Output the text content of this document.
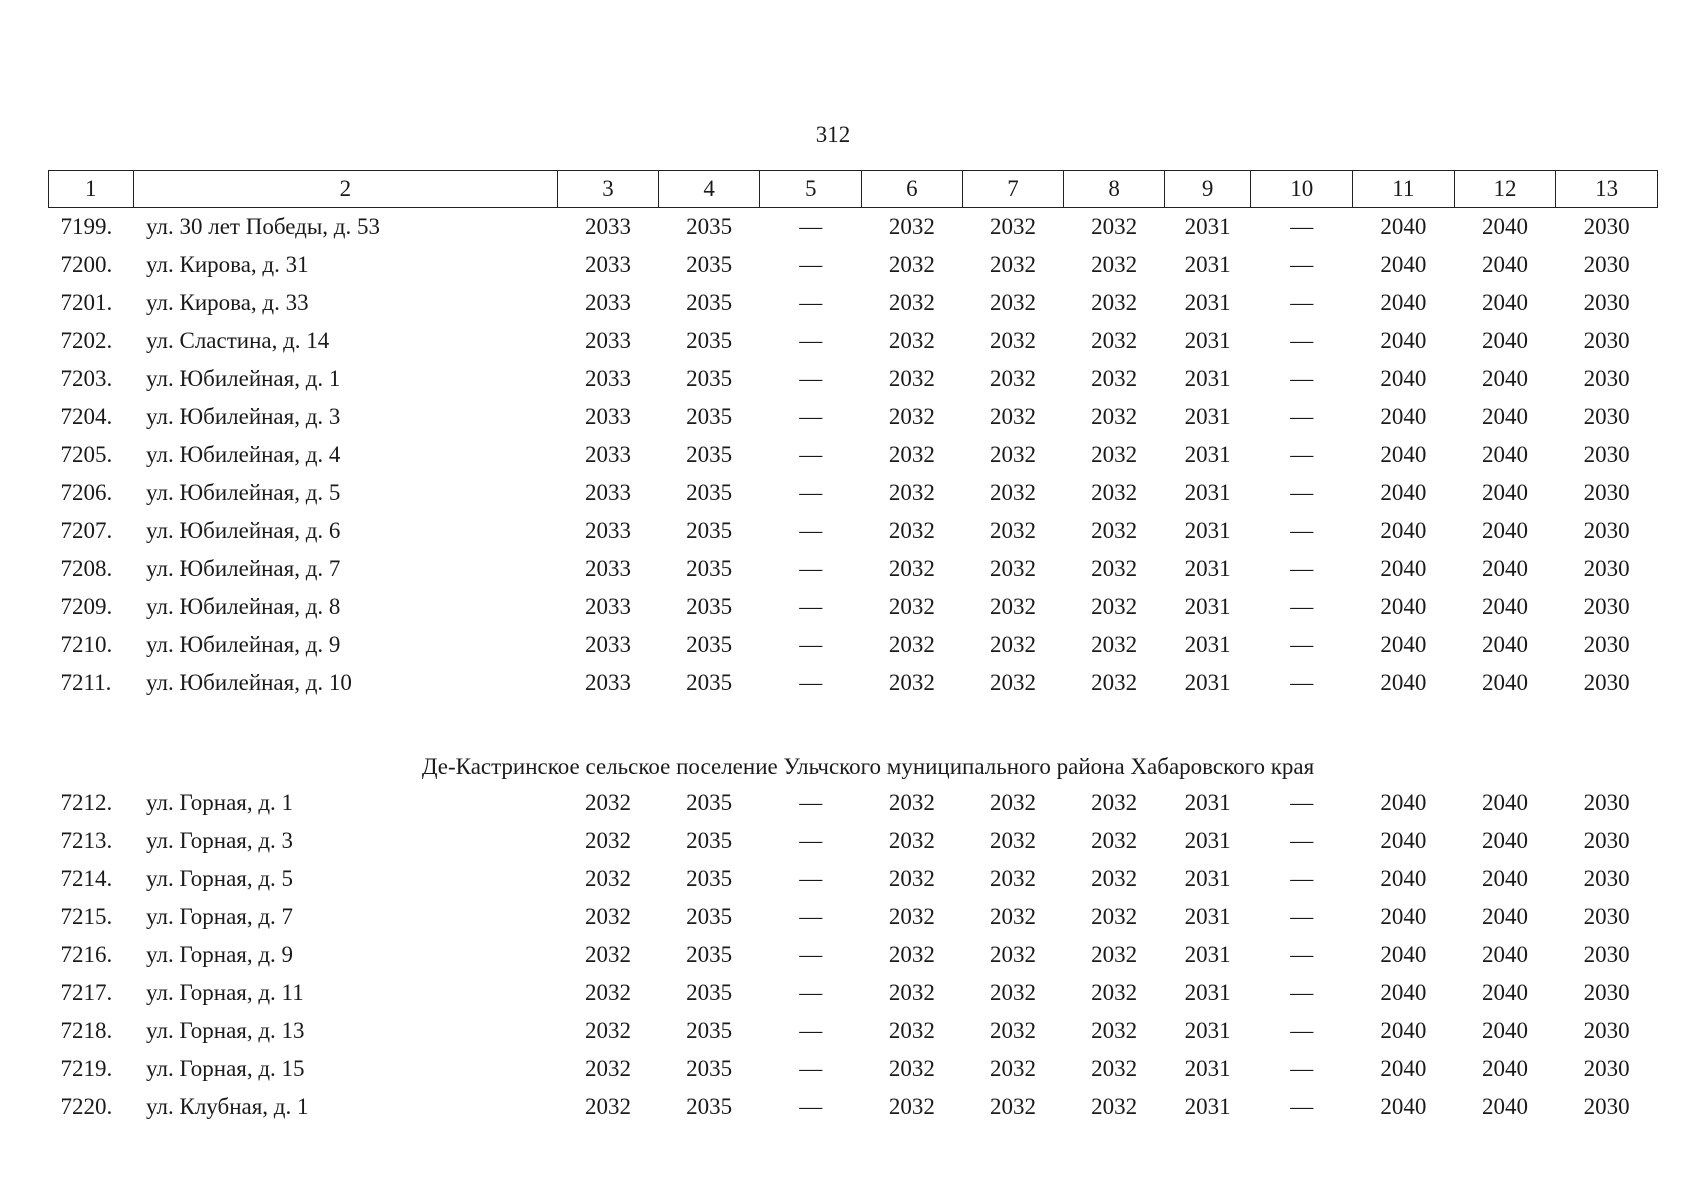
312
1	2	3	4	5	6	7	8	9	10	11	12	13
7199.	ул. 30 лет Победы, д. 53	2033	2035	—	2032	2032	2032	2031	—	2040	2040	2030
7200.	ул. Кирова, д. 31	2033	2035	—	2032	2032	2032	2031	—	2040	2040	2030
7201.	ул. Кирова, д. 33	2033	2035	—	2032	2032	2032	2031	—	2040	2040	2030
7202.	ул. Сластина, д. 14	2033	2035	—	2032	2032	2032	2031	—	2040	2040	2030
7203.	ул. Юбилейная, д. 1	2033	2035	—	2032	2032	2032	2031	—	2040	2040	2030
7204.	ул. Юбилейная, д. 3	2033	2035	—	2032	2032	2032	2031	—	2040	2040	2030
7205.	ул. Юбилейная, д. 4	2033	2035	—	2032	2032	2032	2031	—	2040	2040	2030
7206.	ул. Юбилейная, д. 5	2033	2035	—	2032	2032	2032	2031	—	2040	2040	2030
7207.	ул. Юбилейная, д. 6	2033	2035	—	2032	2032	2032	2031	—	2040	2040	2030
7208.	ул. Юбилейная, д. 7	2033	2035	—	2032	2032	2032	2031	—	2040	2040	2030
7209.	ул. Юбилейная, д. 8	2033	2035	—	2032	2032	2032	2031	—	2040	2040	2030
7210.	ул. Юбилейная, д. 9	2033	2035	—	2032	2032	2032	2031	—	2040	2040	2030
7211.	ул. Юбилейная, д. 10	2033	2035	—	2032	2032	2032	2031	—	2040	2040	2030

Де-Кастринское сельское поселение Ульчского муниципального района Хабаровского края												
7212.	ул. Горная, д. 1	2032	2035	—	2032	2032	2032	2031	—	2040	2040	2030
7213.	ул. Горная, д. 3	2032	2035	—	2032	2032	2032	2031	—	2040	2040	2030
7214.	ул. Горная, д. 5	2032	2035	—	2032	2032	2032	2031	—	2040	2040	2030
7215.	ул. Горная, д. 7	2032	2035	—	2032	2032	2032	2031	—	2040	2040	2030
7216.	ул. Горная, д. 9	2032	2035	—	2032	2032	2032	2031	—	2040	2040	2030
7217.	ул. Горная, д. 11	2032	2035	—	2032	2032	2032	2031	—	2040	2040	2030
7218.	ул. Горная, д. 13	2032	2035	—	2032	2032	2032	2031	—	2040	2040	2030
7219.	ул. Горная, д. 15	2032	2035	—	2032	2032	2032	2031	—	2040	2040	2030
7220.	ул. Клубная, д. 1	2032	2035	—	2032	2032	2032	2031	—	2040	2040	2030
